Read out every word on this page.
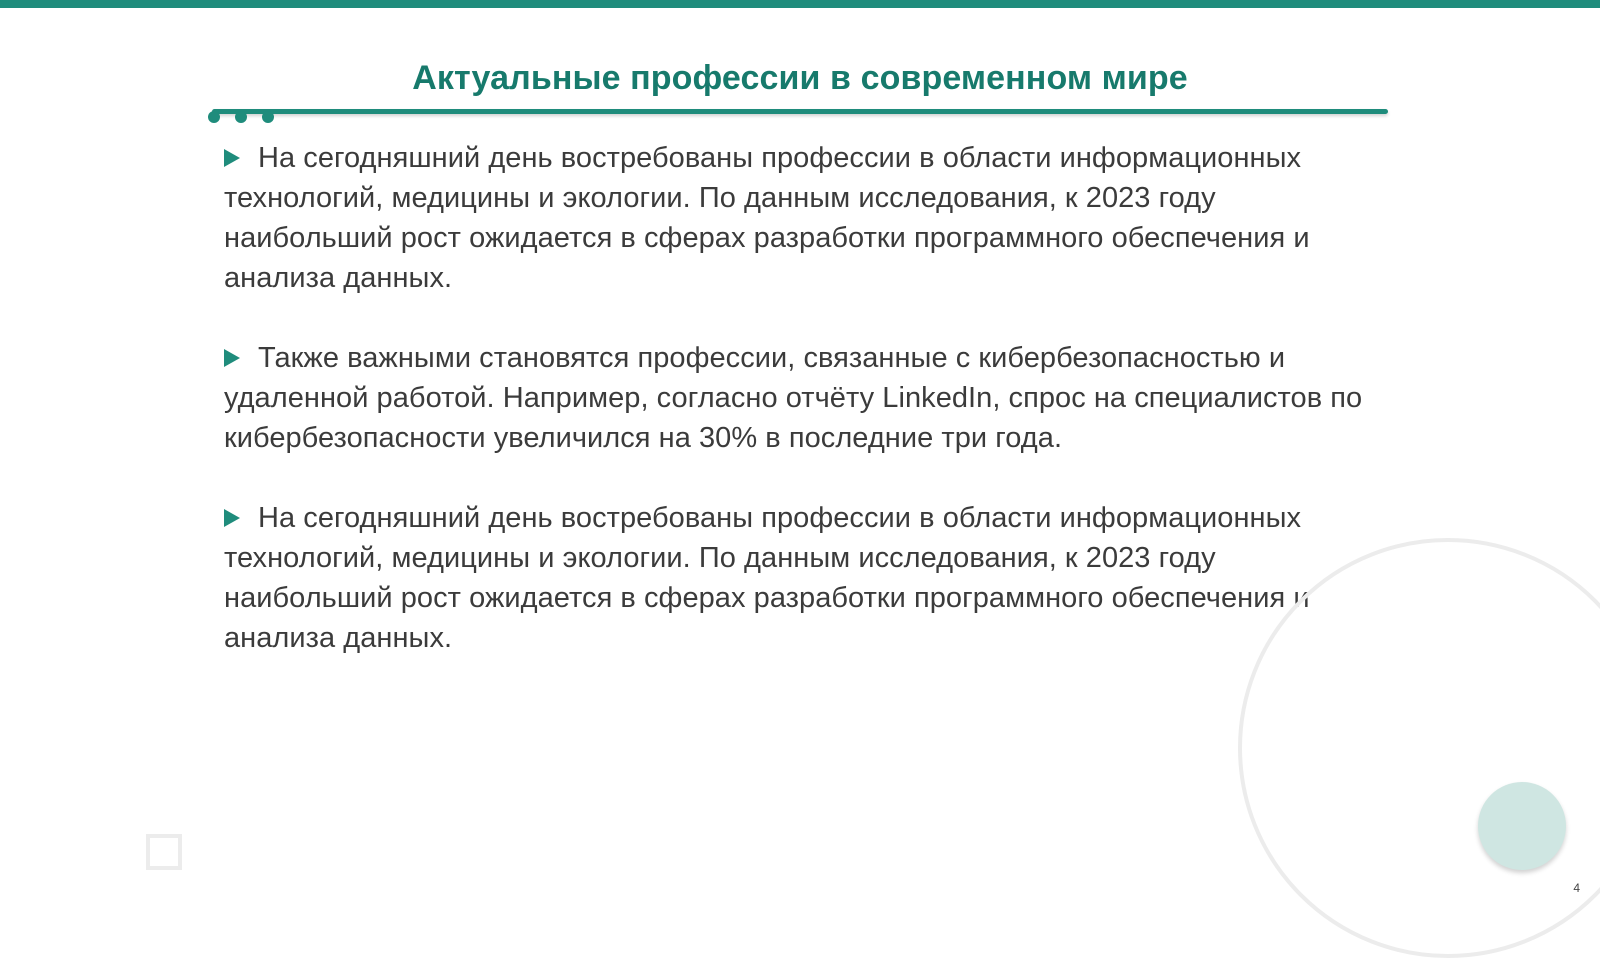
Актуальные профессии в современном мире

На сегодняшний день востребованы профессии в области информационных технологий, медицины и экологии. По данным исследования, к 2023 году наибольший рост ожидается в сферах разработки программного обеспечения и анализа данных.

Также важными становятся профессии, связанные с кибербезопасностью и удаленной работой. Например, согласно отчёту LinkedIn, спрос на специалистов по кибербезопасности увеличился на 30% в последние три года.

На сегодняшний день востребованы профессии в области информационных технологий, медицины и экологии. По данным исследования, к 2023 году наибольший рост ожидается в сферах разработки программного обеспечения и анализа данных.

4
